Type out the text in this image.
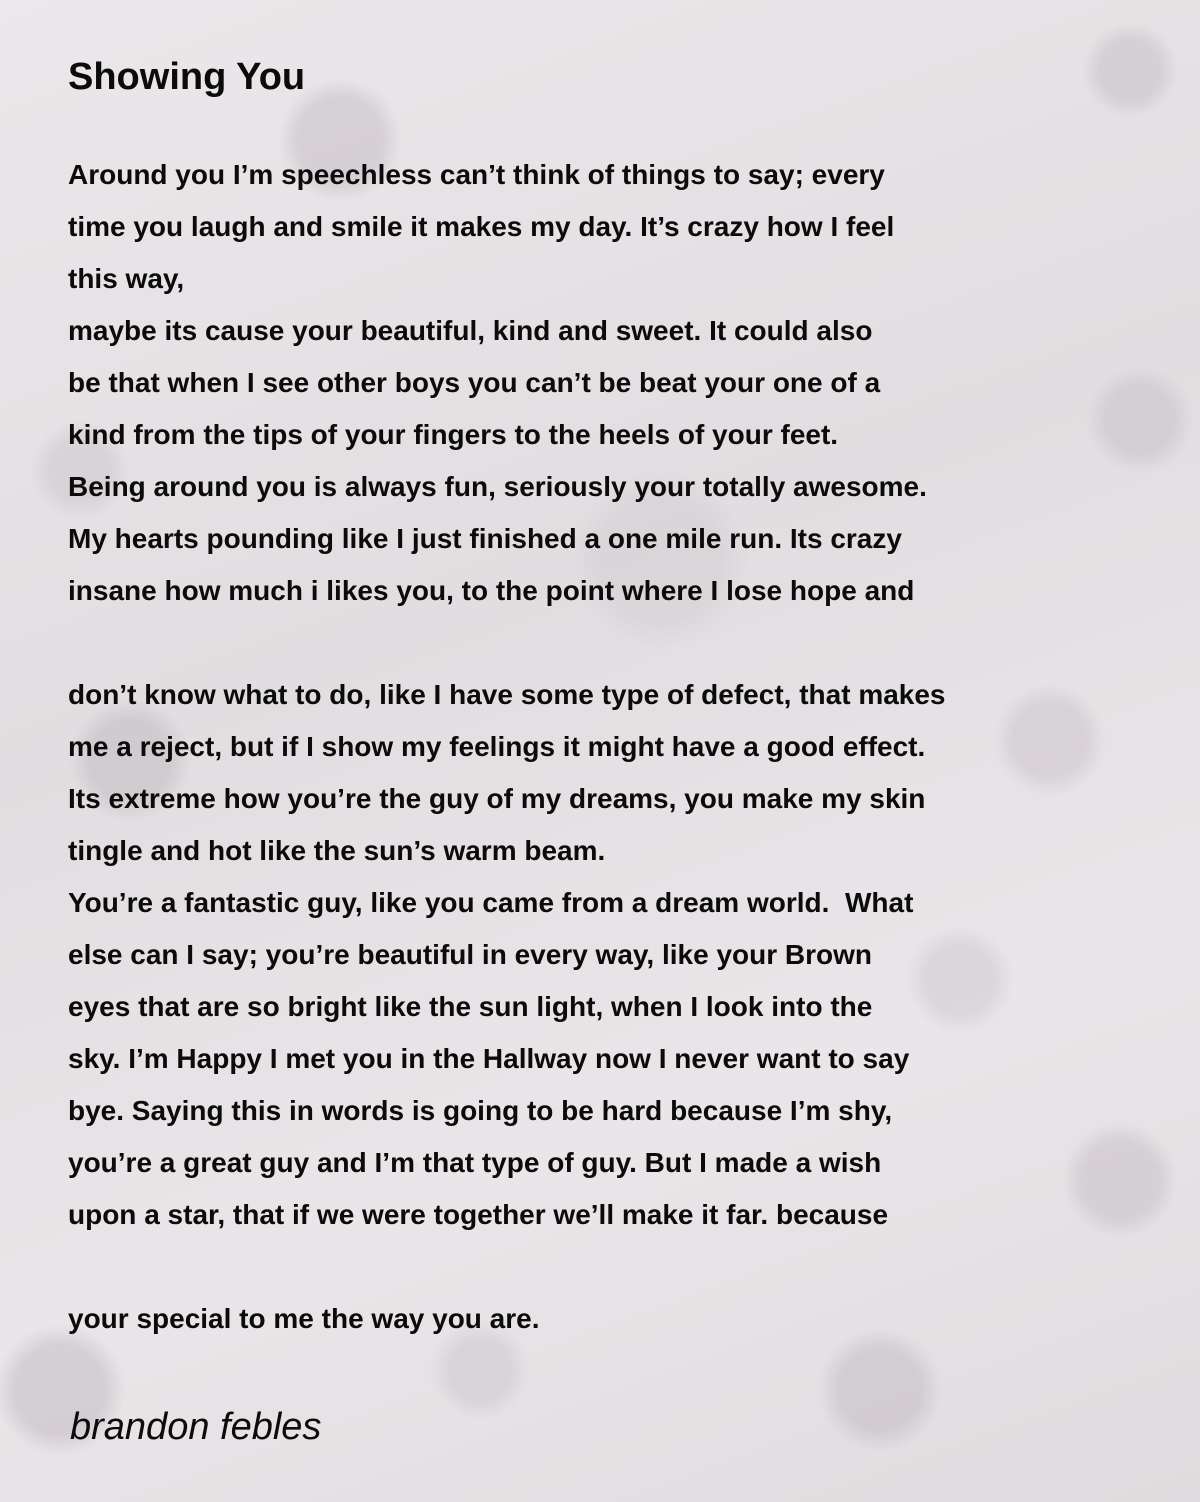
Showing You
Around you I’m speechless can’t think of things to say; every
time you laugh and smile it makes my day. It’s crazy how I feel
this way,
maybe its cause your beautiful, kind and sweet. It could also
be that when I see other boys you can’t be beat your one of a
kind from the tips of your fingers to the heels of your feet.
Being around you is always fun, seriously your totally awesome.
My hearts pounding like I just finished a one mile run. Its crazy
insane how much i likes you, to the point where I lose hope and
don’t know what to do, like I have some type of defect, that makes
me a reject, but if I show my feelings it might have a good effect.
Its extreme how you’re the guy of my dreams, you make my skin
tingle and hot like the sun’s warm beam.
You’re a fantastic guy, like you came from a dream world.  What
else can I say; you’re beautiful in every way, like your Brown
eyes that are so bright like the sun light, when I look into the
sky. I’m Happy I met you in the Hallway now I never want to say
bye. Saying this in words is going to be hard because I’m shy,
you’re a great guy and I’m that type of guy. But I made a wish
upon a star, that if we were together we’ll make it far. because
your special to me the way you are.

brandon febles
